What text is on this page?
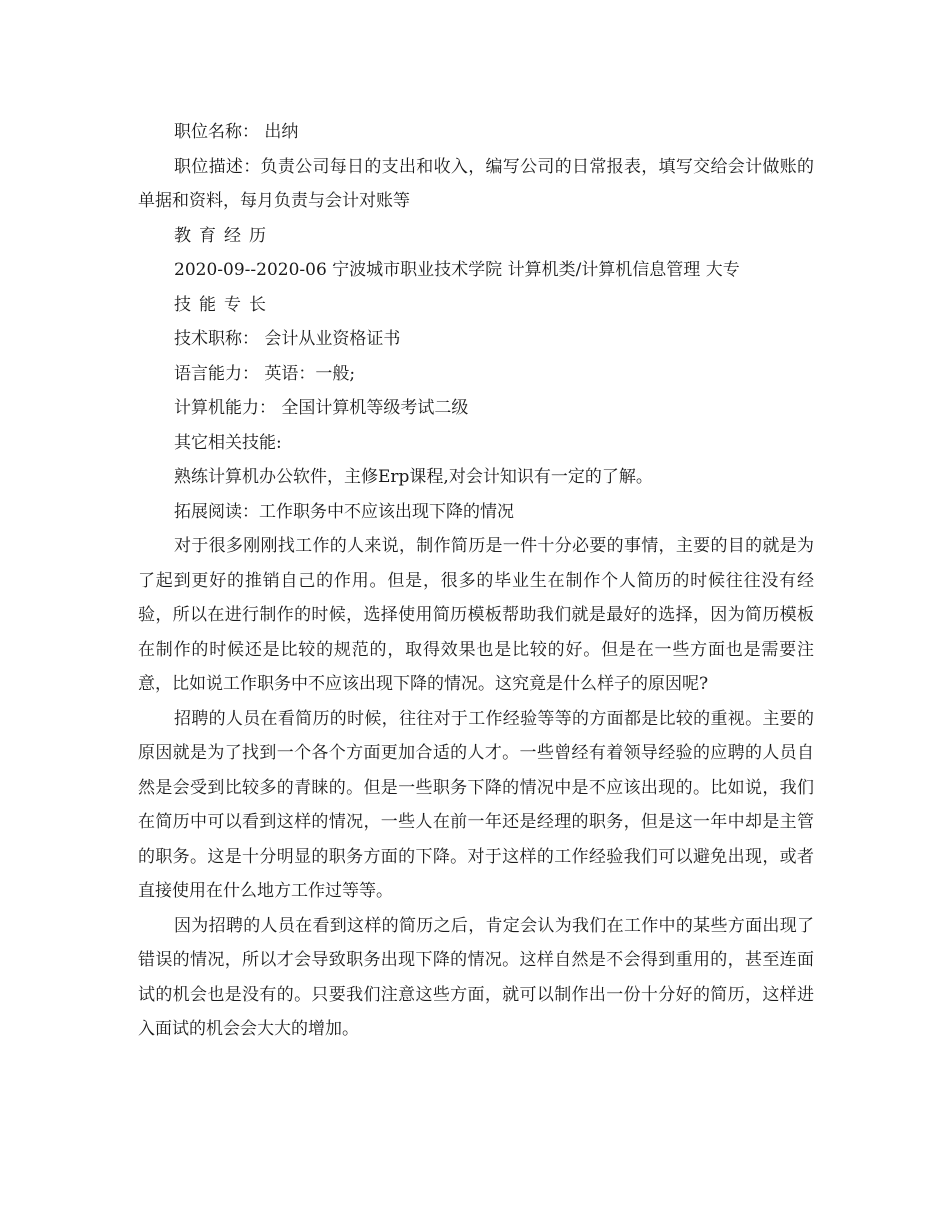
职位名称： 出纳

职位描述：负责公司每日的支出和收入，编写公司的日常报表，填写交给会计做账的单据和资料，每月负责与会计对账等

教育经历

2020-09--2020-06 宁波城市职业技术学院 计算机类/计算机信息管理 大专

技能专长

技术职称： 会计从业资格证书

语言能力： 英语：一般;

计算机能力： 全国计算机等级考试二级

其它相关技能:

熟练计算机办公软件，主修Erp课程,对会计知识有一定的了解。

拓展阅读：工作职务中不应该出现下降的情况

对于很多刚刚找工作的人来说，制作简历是一件十分必要的事情，主要的目的就是为了起到更好的推销自己的作用。但是，很多的毕业生在制作个人简历的时候往往没有经验，所以在进行制作的时候，选择使用简历模板帮助我们就是最好的选择，因为简历模板在制作的时候还是比较的规范的，取得效果也是比较的好。但是在一些方面也是需要注意，比如说工作职务中不应该出现下降的情况。这究竟是什么样子的原因呢?

招聘的人员在看简历的时候，往往对于工作经验等等的方面都是比较的重视。主要的原因就是为了找到一个各个方面更加合适的人才。一些曾经有着领导经验的应聘的人员自然是会受到比较多的青睐的。但是一些职务下降的情况中是不应该出现的。比如说，我们在简历中可以看到这样的情况，一些人在前一年还是经理的职务，但是这一年中却是主管的职务。这是十分明显的职务方面的下降。对于这样的工作经验我们可以避免出现，或者直接使用在什么地方工作过等等。

因为招聘的人员在看到这样的简历之后，肯定会认为我们在工作中的某些方面出现了错误的情况，所以才会导致职务出现下降的情况。这样自然是不会得到重用的，甚至连面试的机会也是没有的。只要我们注意这些方面，就可以制作出一份十分好的简历，这样进入面试的机会会大大的增加。
